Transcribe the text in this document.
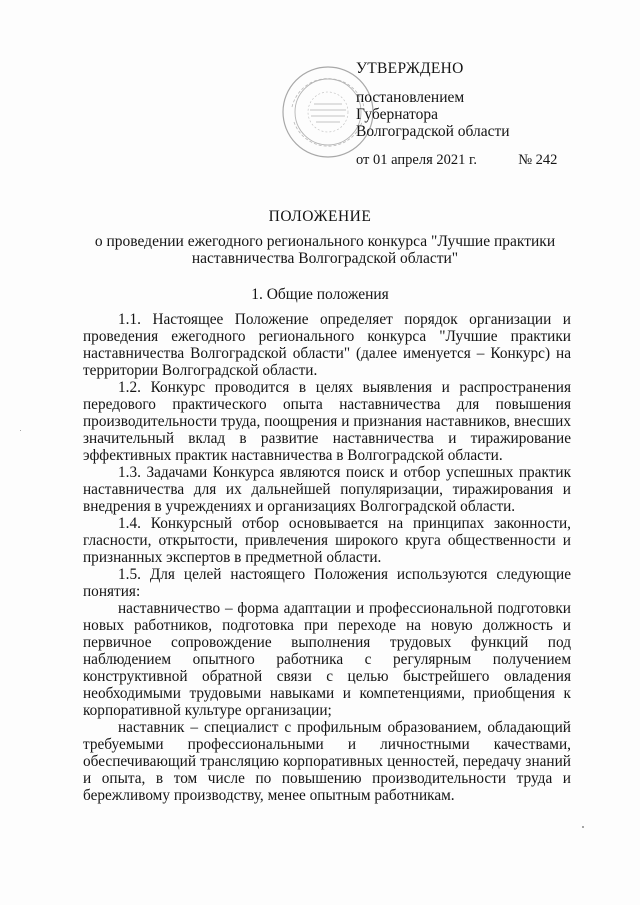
УТВЕРЖДЕНО
постановлением
Губернатора
Волгоградской области
от 01 апреля 2021 г.	№ 242
ПОЛОЖЕНИЕ
о проведении ежегодного регионального конкурса "Лучшие практики
наставничества Волгоградской области"
1. Общие положения

1.1. Настоящее Положение определяет порядок организации и проведения ежегодного регионального конкурса "Лучшие практики наставничества Волгоградской области" (далее именуется – Конкурс) на территории Волгоградской области.

1.2. Конкурс проводится в целях выявления и распространения передового практического опыта наставничества для повышения производительности труда, поощрения и признания наставников, внесших значительный вклад в развитие наставничества и тиражирование эффективных практик наставничества в Волгоградской области.

1.3. Задачами Конкурса являются поиск и отбор успешных практик наставничества для их дальнейшей популяризации, тиражирования и внедрения в учреждениях и организациях Волгоградской области.

1.4. Конкурсный отбор основывается на принципах законности, гласности, открытости, привлечения широкого круга общественности и признанных экспертов в предметной области.

1.5. Для целей настоящего Положения используются следующие понятия:

наставничество – форма адаптации и профессиональной подготовки новых работников, подготовка при переходе на новую должность и первичное сопровождение выполнения трудовых функций под наблюдением опытного работника с регулярным получением конструктивной обратной связи с целью быстрейшего овладения необходимыми трудовыми навыками и компетенциями, приобщения к корпоративной культуре организации;

наставник – специалист с профильным образованием, обладающий требуемыми профессиональными и личностными качествами, обеспечивающий трансляцию корпоративных ценностей, передачу знаний и опыта, в том числе по повышению производительности труда и бережливому производству, менее опытным работникам.
